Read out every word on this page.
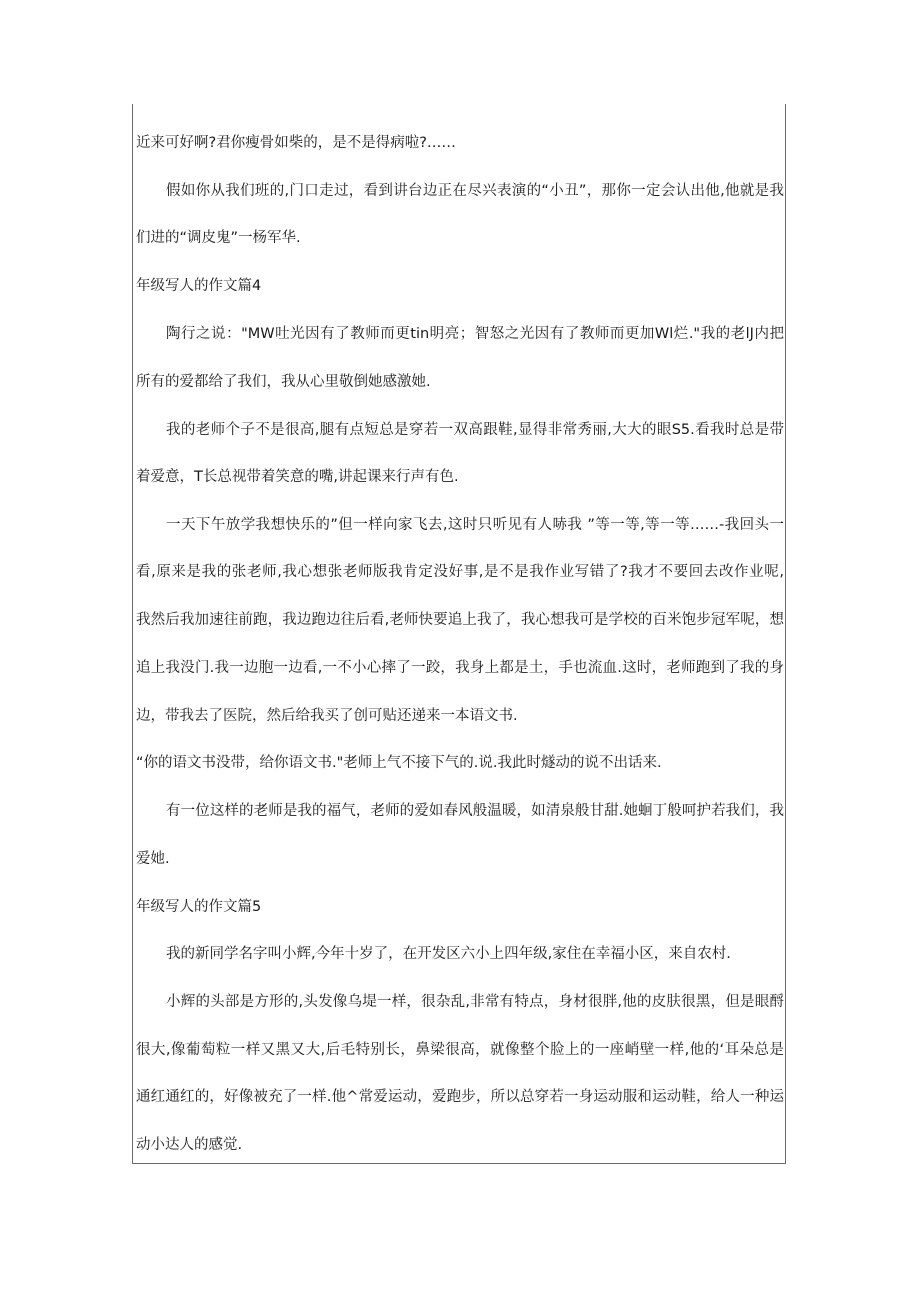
近来可好啊?君你瘦骨如柴的，是不是得病啦?……
假如你从我们班的,门口走过，看到讲台边正在尽兴表演的“小丑”，那你一定会认出他,他就是我
们进的“调皮鬼”一杨军华.
年级写人的作文篇4
陶行之说："MW吐光因有了教师而更tin明亮；智怒之光因有了教师而更加Wl烂."我的老lJ内把
所有的爱都给了我们，我从心里敬倒她感激她.
我的老师个子不是很高,腿有点短总是穿若一双高跟鞋,显得非常秀丽,大大的眼S5.看我时总是带
着爱意，T长总视带着笑意的嘴,讲起课来行声有色.
一天下午放学我想快乐的”但一样向家飞去,这时只听见有人哧我 ”等一等,等一等……-我回头一
看,原来是我的张老师,我心想张老师版我肯定没好事,是不是我作业写错了?我才不要回去改作业呢,
我然后我加速往前跑，我边跑边往后看,老师快要追上我了，我心想我可是学校的百米饱步冠军呢，想
追上我没门.我一边胞一边看,一不小心摔了一跤，我身上都是土，手也流血.这时，老师跑到了我的身
边，带我去了医院，然后给我买了创可贴还递来一本语文书.
“你的语文书没带，给你语文书."老师上气不接下气的.说.我此时燧动的说不出话来.
有一位这样的老师是我的福气，老师的爱如春风般温暖，如清泉般甘甜.她蛔丁般呵护若我们，我
爱她.
年级写人的作文篇5
我的新同学名字叫小辉,今年十岁了，在开发区六小上四年级,家住在幸福小区，来自农村.
小辉的头部是方形的,头发像乌堤一样，很杂乱,非常有特点，身材很胖,他的皮肤很黑，但是眼酹
很大,像葡萄粒一样又黑又大,后毛特别长，鼻梁很高，就像整个脸上的一座峭壁一样,他的‘耳朵总是
通红通红的，好像被充了一样.他^常爱运动，爱跑步，所以总穿若一身运动服和运动鞋，给人一种运
动小达人的感觉.
